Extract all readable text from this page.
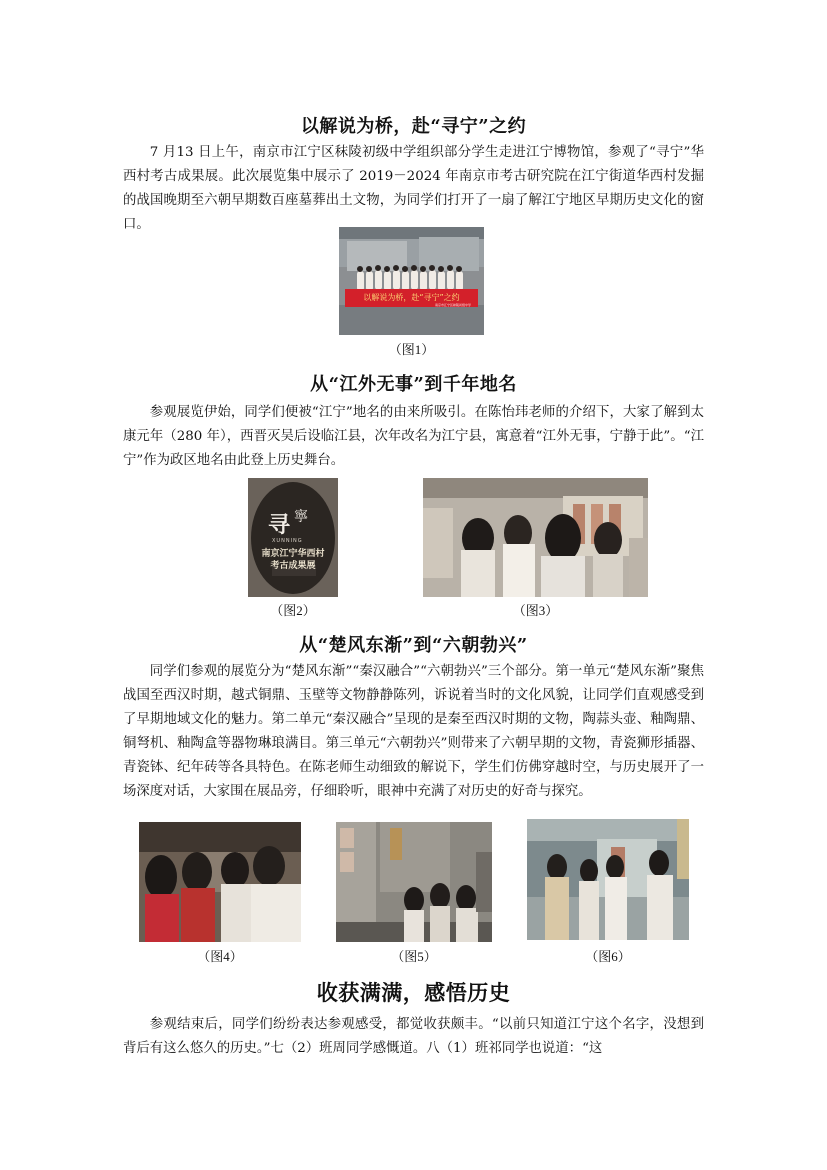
以解说为桥，赴“寻宁”之约
7 月13 日上午，南京市江宁区秣陵初级中学组织部分学生走进江宁博物馆，参观了“寻宁”华西村考古成果展。此次展览集中展示了 2019－2024 年南京市考古研究院在江宁街道华西村发掘的战国晚期至六朝早期数百座墓葬出土文物，为同学们打开了一扇了解江宁地区早期历史文化的窗口。
以解说为桥，赴“寻宁”之约
南京市江宁区秣陵初级中学
（图1）
从“江外无事”到千年地名
参观展览伊始，同学们便被“江宁”地名的由来所吸引。在陈怡玮老师的介绍下，大家了解到太康元年（280 年），西晋灭吴后设临江县，次年改名为江宁县，寓意着“江外无事，宁静于此”。“江宁”作为政区地名由此登上历史舞台。
寻 寧
XUNNING
南京江宁华西村
考古成果展
（图2）	（图3）
从“楚风东渐”到“六朝勃兴”
同学们参观的展览分为“楚风东渐”“秦汉融合”“六朝勃兴”三个部分。第一单元“楚风东渐”聚焦战国至西汉时期，越式铜鼎、玉壁等文物静静陈列，诉说着当时的文化风貌，让同学们直观感受到了早期地域文化的魅力。第二单元“秦汉融合”呈现的是秦至西汉时期的文物，陶蒜头壶、釉陶鼎、铜弩机、釉陶盒等器物琳琅满目。第三单元“六朝勃兴”则带来了六朝早期的文物，青瓷狮形插器、青瓷钵、纪年砖等各具特色。在陈老师生动细致的解说下，学生们仿佛穿越时空，与历史展开了一场深度对话，大家围在展品旁，仔细聆听，眼神中充满了对历史的好奇与探究。
（图4）	（图5）	（图6）
收获满满，感悟历史
参观结束后，同学们纷纷表达参观感受，都觉收获颇丰。“以前只知道江宁这个名字，没想到背后有这么悠久的历史。”七（2）班周同学感慨道。八（1）班祁同学也说道：“这
